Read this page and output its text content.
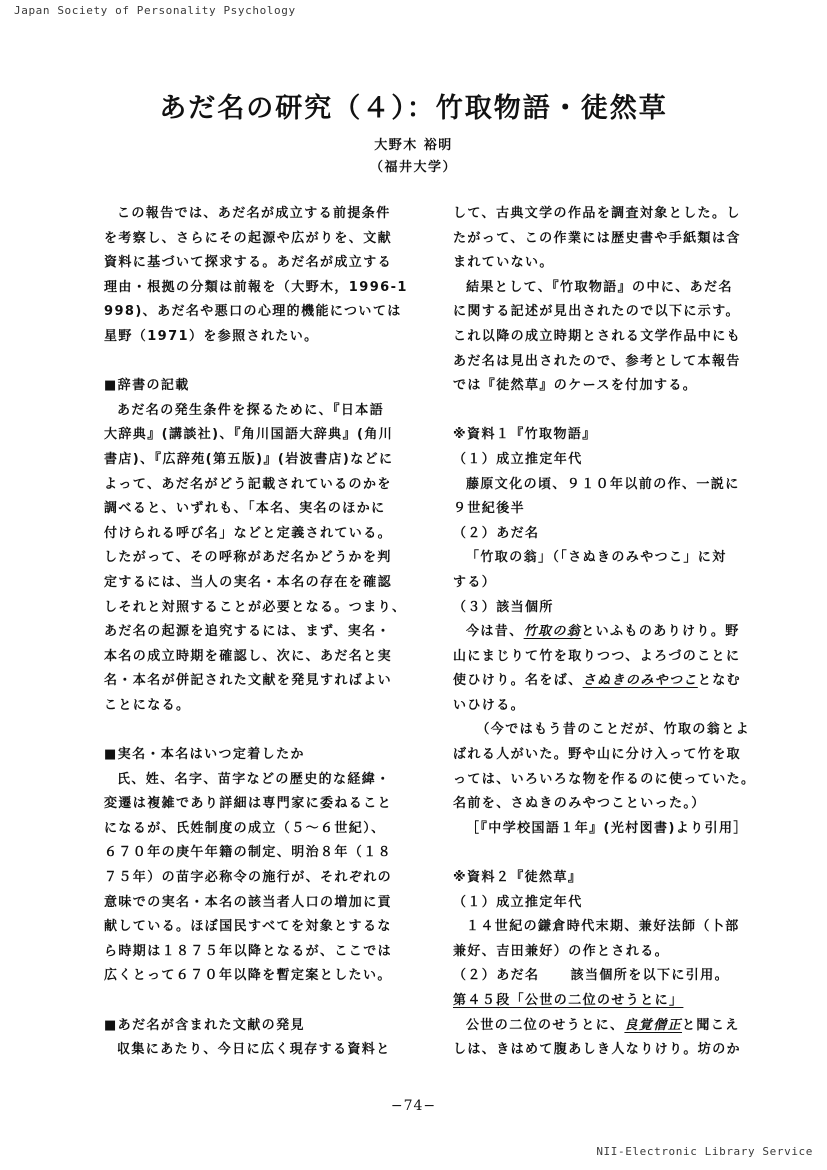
Japan Society of Personality Psychology
あだ名の研究（４）：竹取物語・徒然草
大野木 裕明
（福井大学）
この報告では、あだ名が成立する前提条件
を考察し、さらにその起源や広がりを、文献
資料に基づいて探求する。あだ名が成立する
理由・根拠の分類は前報を（大野木，1996-1
998)、あだ名や悪口の心理的機能については
星野（1971）を参照されたい。
■辞書の記載
あだ名の発生条件を探るために、『日本語
大辞典』(講談社)、『角川国語大辞典』(角川
書店)、『広辞苑(第五版)』(岩波書店)などに
よって、あだ名がどう記載されているのかを
調べると、いずれも、「本名、実名のほかに
付けられる呼び名」などと定義されている。
したがって、その呼称があだ名かどうかを判
定するには、当人の実名・本名の存在を確認
しそれと対照することが必要となる。つまり、
あだ名の起源を追究するには、まず、実名・
本名の成立時期を確認し、次に、あだ名と実
名・本名が併記された文献を発見すればよい
ことになる。
■実名・本名はいつ定着したか
氏、姓、名字、苗字などの歴史的な経緯・
変遷は複雑であり詳細は専門家に委ねること
になるが、氏姓制度の成立（５～６世紀）、
６７０年の庚午年籍の制定、明治８年（１８
７５年）の苗字必称令の施行が、それぞれの
意味での実名・本名の該当者人口の増加に貢
献している。ほぼ国民すべてを対象とするな
ら時期は１８７５年以降となるが、ここでは
広くとって６７０年以降を暫定案としたい。
■あだ名が含まれた文献の発見
収集にあたり、今日に広く現存する資料と
して、古典文学の作品を調査対象とした。し
たがって、この作業には歴史書や手紙類は含
まれていない。
結果として、『竹取物語』の中に、あだ名
に関する記述が見出されたので以下に示す。
これ以降の成立時期とされる文学作品中にも
あだ名は見出されたので、参考として本報告
では『徒然草』のケースを付加する。
※資料１『竹取物語』
（１）成立推定年代
藤原文化の頃、９１０年以前の作、一説に
９世紀後半
（２）あだ名
「竹取の翁」（「さぬきのみやつこ」に対
する）
（３）該当個所
今は昔、竹取の翁といふものありけり。野
山にまじりて竹を取りつつ、よろづのことに
使ひけり。名をば、さぬきのみやつことなむ
いひける。
（今ではもう昔のことだが、竹取の翁とよ
ばれる人がいた。野や山に分け入って竹を取
っては、いろいろな物を作るのに使っていた。
名前を、さぬきのみやつこといった。）
［『中学校国語１年』(光村図書)より引用］
※資料２『徒然草』
（１）成立推定年代
１４世紀の鎌倉時代末期、兼好法師（卜部
兼好、吉田兼好）の作とされる。
（２）あだ名 該当個所を以下に引用。
第４５段「公世の二位のせうとに」
公世の二位のせうとに、良覚僧正と聞こえ
しは、きはめて腹あしき人なりけり。坊のか
−74−
NII-Electronic Library Service
